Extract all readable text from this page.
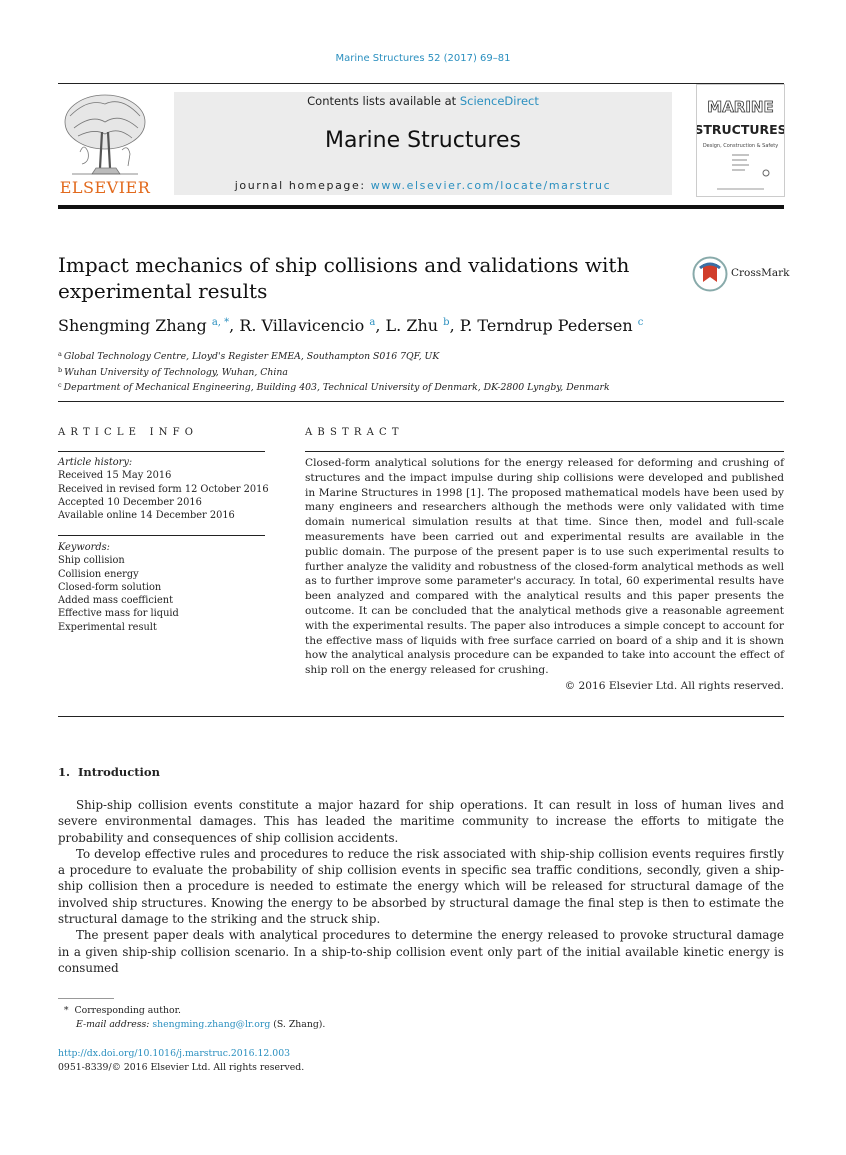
Marine Structures 52 (2017) 69–81
ELSEVIER
Contents lists available at ScienceDirect
Marine Structures
journal homepage: www.elsevier.com/locate/marstruc
MARINE
STRUCTURES
Design, Construction & Safety
Impact mechanics of ship collisions and validations with experimental results
CrossMark
Shengming Zhang $^{a, *}$, R. Villavicencio $^a$, L. Zhu $^b$, P. Terndrup Pedersen $^c$
$^a$ Global Technology Centre, Lloyd's Register EMEA, Southampton S016 7QF, UK
$^b$ Wuhan University of Technology, Wuhan, China
$^c$ Department of Mechanical Engineering, Building 403, Technical University of Denmark, DK-2800 Lyngby, Denmark
ARTICLE INFO	ABSTRACT
Article history:
Received 15 May 2016
Received in revised form 12 October 2016
Accepted 10 December 2016
Available online 14 December 2016
Keywords:
Ship collision
Collision energy
Closed-form solution
Added mass coefficient
Effective mass for liquid
Experimental result
Closed-form analytical solutions for the energy released for deforming and crushing of structures and the impact impulse during ship collisions were developed and published in Marine Structures in 1998 [1]. The proposed mathematical models have been used by many engineers and researchers although the methods were only validated with time domain numerical simulation results at that time. Since then, model and full-scale measurements have been carried out and experimental results are available in the public domain. The purpose of the present paper is to use such experimental results to further analyze the validity and robustness of the closed-form analytical methods as well as to further improve some parameter's accuracy. In total, 60 experimental results have been analyzed and compared with the analytical results and this paper presents the outcome. It can be concluded that the analytical methods give a reasonable agreement with the experimental results. The paper also introduces a simple concept to account for the effective mass of liquids with free surface carried on board of a ship and it is shown how the analytical analysis procedure can be expanded to take into account the effect of ship roll on the energy released for crushing.
© 2016 Elsevier Ltd. All rights reserved.
1. Introduction

Ship-ship collision events constitute a major hazard for ship operations. It can result in loss of human lives and severe environmental damages. This has leaded the maritime community to increase the efforts to mitigate the probability and consequences of ship collision accidents.

To develop effective rules and procedures to reduce the risk associated with ship-ship collision events requires firstly a procedure to evaluate the probability of ship collision events in specific sea traffic conditions, secondly, given a ship-ship collision then a procedure is needed to estimate the energy which will be released for structural damage of the involved ship structures. Knowing the energy to be absorbed by structural damage the final step is then to estimate the structural damage to the striking and the struck ship.

The present paper deals with analytical procedures to determine the energy released to provoke structural damage in a given ship-ship collision scenario. In a ship-to-ship collision event only part of the initial available kinetic energy is consumed

* Corresponding author.
E-mail address: shengming.zhang@lr.org (S. Zhang).
http://dx.doi.org/10.1016/j.marstruc.2016.12.003
0951-8339/© 2016 Elsevier Ltd. All rights reserved.
